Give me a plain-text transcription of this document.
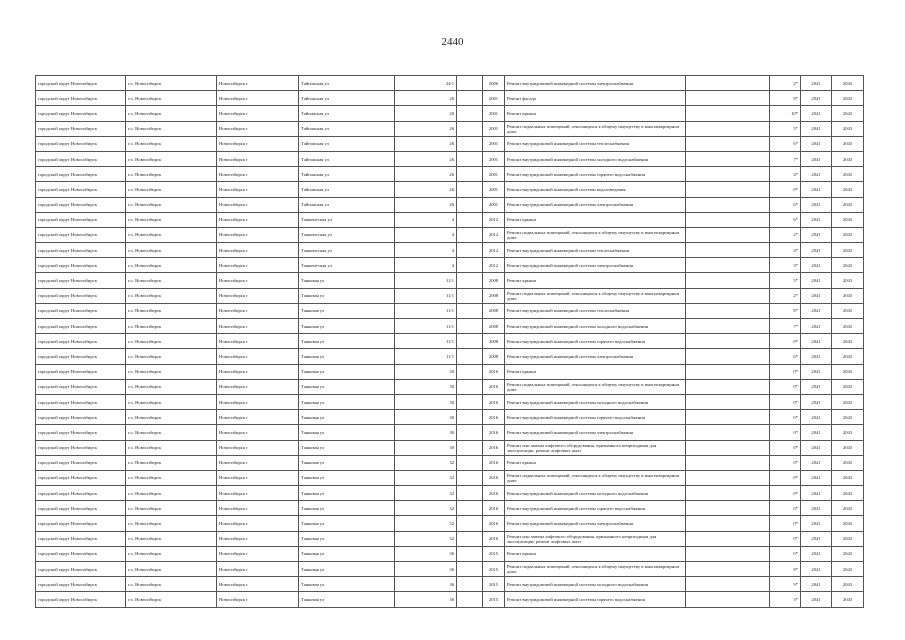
2440
городской округ Новосибирск	г.о. Новосибирск	Новосибирск г	Тайгинская ул	24/1		2006	Ремонт внутридомовой инженерной системы электроснабжения		2*	2041	2043
городской округ Новосибирск	г.о. Новосибирск	Новосибирск г	Тайгинская ул	26		2001	Ремонт фасада		8*	2041	2043
городской округ Новосибирск	г.о. Новосибирск	Новосибирск г	Тайгинская ул	26		2001	Ремонт крыши		10*	2041	2043
городской округ Новосибирск	г.о. Новосибирск	Новосибирск г	Тайгинская ул	26		2001	Ремонт подвальных помещений, относящихся к общему имуществу в многоквартирном доме		5*	2041	2043
городской округ Новосибирск	г.о. Новосибирск	Новосибирск г	Тайгинская ул	26		2001	Ремонт внутридомовой инженерной системы теплоснабжения		6*	2041	2043
городской округ Новосибирск	г.о. Новосибирск	Новосибирск г	Тайгинская ул	26		2001	Ремонт внутридомовой инженерной системы холодного водоснабжения		7*	2041	2043
городской округ Новосибирск	г.о. Новосибирск	Новосибирск г	Тайгинская ул	26		2001	Ремонт внутридомовой инженерной системы горячего водоснабжения		4*	2041	2043
городской округ Новосибирск	г.о. Новосибирск	Новосибирск г	Тайгинская ул	26		2001	Ремонт внутридомовой инженерной системы водоотведения		0*	2041	2043
городской округ Новосибирск	г.о. Новосибирск	Новосибирск г	Тайгинская ул	26		2001	Ремонт внутридомовой инженерной системы электроснабжения		6*	2041	2043
городской округ Новосибирск	г.о. Новосибирск	Новосибирск г	Ташкентская ул	4		2012	Ремонт крыши		6*	2041	2043
городской округ Новосибирск	г.о. Новосибирск	Новосибирск г	Ташкентская ул	4		2012	Ремонт подвальных помещений, относящихся к общему имуществу в многоквартирном доме		2*	2041	2043
городской округ Новосибирск	г.о. Новосибирск	Новосибирск г	Ташкентская ул	4		2012	Ремонт внутридомовой инженерной системы теплоснабжения		4*	2041	2043
городской округ Новосибирск	г.о. Новосибирск	Новосибирск г	Ташкентская ул	4		2012	Ремонт внутридомовой инженерной системы электроснабжения		3*	2041	2043
городской округ Новосибирск	г.о. Новосибирск	Новосибирск г	Танковая ул	11/1		2008	Ремонт крыши		5*	2041	2043
городской округ Новосибирск	г.о. Новосибирск	Новосибирск г	Танковая ул	11/1		2008	Ремонт подвальных помещений, относящихся к общему имуществу в многоквартирном доме		2*	2041	2043
городской округ Новосибирск	г.о. Новосибирск	Новосибирск г	Танковая ул	11/1		2008	Ремонт внутридомовой инженерной системы теплоснабжения		8*	2041	2043
городской округ Новосибирск	г.о. Новосибирск	Новосибирск г	Танковая ул	11/1		2008	Ремонт внутридомовой инженерной системы холодного водоснабжения		7*	2041	2043
городской округ Новосибирск	г.о. Новосибирск	Новосибирск г	Танковая ул	11/1		2008	Ремонт внутридомовой инженерной системы горячего водоснабжения		0*	2041	2043
городской округ Новосибирск	г.о. Новосибирск	Новосибирск г	Танковая ул	11/1		2008	Ремонт внутридомовой инженерной системы электроснабжения		6*	2041	2043
городской округ Новосибирск	г.о. Новосибирск	Новосибирск г	Танковая ул	30		2016	Ремонт крыши		0*	2041	2043
городской округ Новосибирск	г.о. Новосибирск	Новосибирск г	Танковая ул	30		2016	Ремонт подвальных помещений, относящихся к общему имуществу в многоквартирном доме		0*	2041	2043
городской округ Новосибирск	г.о. Новосибирск	Новосибирск г	Танковая ул	30		2016	Ремонт внутридомовой инженерной системы холодного водоснабжения		0*	2041	2043
городской округ Новосибирск	г.о. Новосибирск	Новосибирск г	Танковая ул	30		2016	Ремонт внутридомовой инженерной системы горячего водоснабжения		0*	2041	2043
городской округ Новосибирск	г.о. Новосибирск	Новосибирск г	Танковая ул	30		2016	Ремонт внутридомовой инженерной системы электроснабжения		0*	2041	2043
городской округ Новосибирск	г.о. Новосибирск	Новосибирск г	Танковая ул	30		2016	Ремонт или замена лифтового оборудования, признанного непригодным для эксплуатации, ремонт лифтовых шахт		0*	2041	2043
городской округ Новосибирск	г.о. Новосибирск	Новосибирск г	Танковая ул	32		2016	Ремонт крыши		0*	2041	2043
городской округ Новосибирск	г.о. Новосибирск	Новосибирск г	Танковая ул	32		2016	Ремонт подвальных помещений, относящихся к общему имуществу в многоквартирном доме		0*	2041	2043
городской округ Новосибирск	г.о. Новосибирск	Новосибирск г	Танковая ул	32		2016	Ремонт внутридомовой инженерной системы холодного водоснабжения		0*	2041	2043
городской округ Новосибирск	г.о. Новосибирск	Новосибирск г	Танковая ул	32		2016	Ремонт внутридомовой инженерной системы горячего водоснабжения		0*	2041	2043
городской округ Новосибирск	г.о. Новосибирск	Новосибирск г	Танковая ул	32		2016	Ремонт внутридомовой инженерной системы электроснабжения		0*	2041	2043
городской округ Новосибирск	г.о. Новосибирск	Новосибирск г	Танковая ул	32		2016	Ремонт или замена лифтового оборудования, признанного непригодным для эксплуатации, ремонт лифтовых шахт		0*	2041	2043
городской округ Новосибирск	г.о. Новосибирск	Новосибирск г	Танковая ул	36		2015	Ремонт крыши		0*	2041	2043
городской округ Новосибирск	г.о. Новосибирск	Новосибирск г	Танковая ул	36		2015	Ремонт подвальных помещений, относящихся к общему имуществу в многоквартирном доме		8*	2041	2043
городской округ Новосибирск	г.о. Новосибирск	Новосибирск г	Танковая ул	36		2015	Ремонт внутридомовой инженерной системы холодного водоснабжения		9*	2041	2043
городской округ Новосибирск	г.о. Новосибирск	Новосибирск г	Танковая ул	36		2015	Ремонт внутридомовой инженерной системы горячего водоснабжения		3*	2041	2043
